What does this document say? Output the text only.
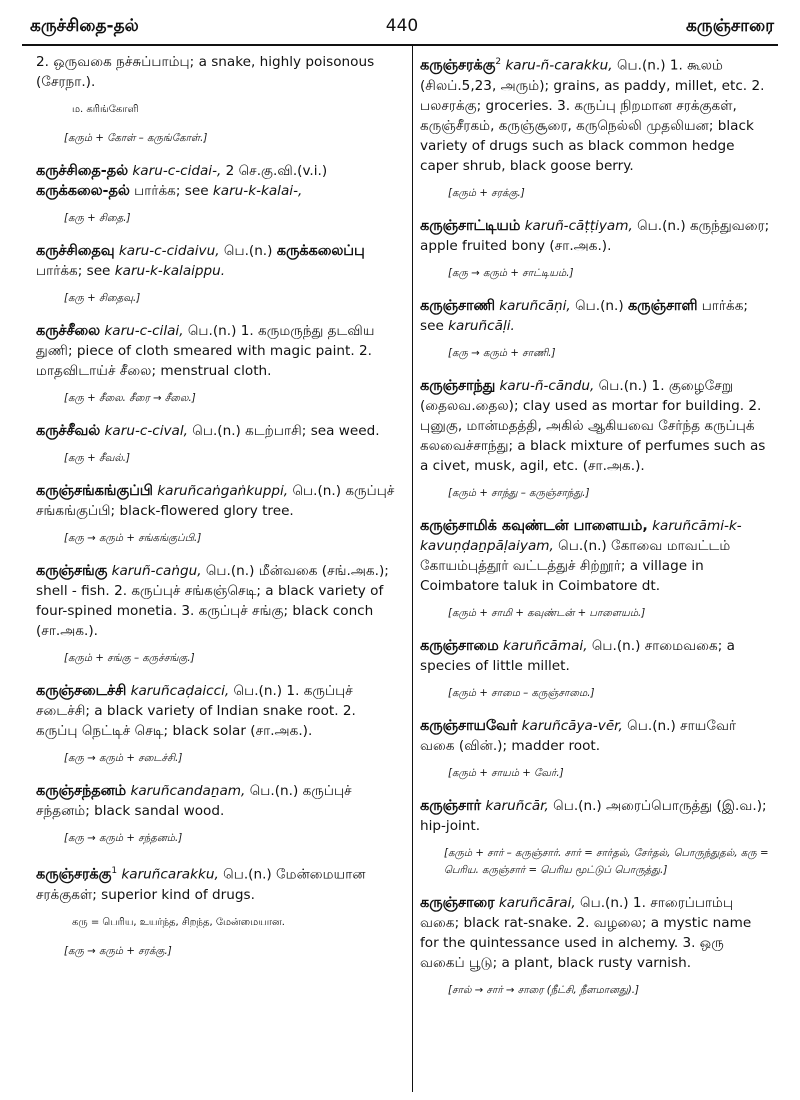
கருச்சிதை-தல்	440	கருஞ்சாரை
2. ஒருவகை நச்சுப்பாம்பு; a snake, highly poisonous (சேரநா.).
ம. கரிங்கோளி
[கரும் + கோள் – கருங்கோள்.]
கருச்சிதை-தல் karu-c-cidai-, 2 செ.கு.வி.(v.i.) கருக்கலை-தல் பார்க்க; see karu-k-kalai-,
[கரு + சிதை.]
கருச்சிதைவு karu-c-cidaivu, பெ.(n.) கருக்கலைப்பு பார்க்க; see karu-k-kalaippu.
[கரு + சிதைவு.]
கருச்சீலை karu-c-cilai, பெ.(n.) 1. கருமருந்து தடவிய துணி; piece of cloth smeared with magic paint. 2. மாதவிடாய்ச் சீலை; menstrual cloth.
[கரு + சீலை. சீரை → சீலை.]
கருச்சீவல் karu-c-cival, பெ.(n.) கடற்பாசி; sea weed.
[கரு + சீவல்.]
கருஞ்சங்கங்குப்பி karuñcaṅgaṅkuppi, பெ.(n.) கருப்புச் சங்கங்குப்பி; black-flowered glory tree.
[கரு → கரும் + சங்கங்குப்பி.]
கருஞ்சங்கு karuñ-caṅgu, பெ.(n.) மீன்வகை (சங்.அக.); shell - fish. 2. கருப்புச் சங்கஞ்செடி; a black variety of four-spined monetia. 3. கருப்புச் சங்கு; black conch (சா.அக.).
[கரும் + சங்கு – கருச்சங்கு.]
கருஞ்சடைச்சி karuñcaḍaicci, பெ.(n.) 1. கருப்புச் சடைச்சி; a black variety of Indian snake root. 2. கருப்பு நெட்டிச் செடி; black solar (சா.அக.).
[கரு → கரும் + சடைச்சி.]
கருஞ்சந்தனம் karuñcandaṉam, பெ.(n.) கருப்புச் சந்தனம்; black sandal wood.
[கரு → கரும் + சந்தனம்.]
கருஞ்சரக்கு$^1$ karuñcarakku, பெ.(n.) மேன்மையான சரக்குகள்; superior kind of drugs.
கரு = பெரிய, உயர்ந்த, சிறந்த, மேன்மையான.
[கரு → கரும் + சரக்கு.]
கருஞ்சரக்கு$^2$ karu-ñ-carakku, பெ.(n.) 1. கூலம் (சிலப்.5,23, அரும்); grains, as paddy, millet, etc. 2. பலசரக்கு; groceries. 3. கருப்பு நிறமான சரக்குகள், கருஞ்சீரகம், கருஞ்சூரை, கருநெல்லி முதலியன; black variety of drugs such as black common hedge caper shrub, black goose berry.
[கரும் + சரக்கு.]
கருஞ்சாட்டியம் karuñ-cāṭṭiyam, பெ.(n.) கருந்துவரை; apple fruited bony (சா.அக.).
[கரு → கரும் + சாட்டியம்.]
கருஞ்சாணி karuñcāṇi, பெ.(n.) கருஞ்சாளி பார்க்க; see karuñcāḷi.
[கரு → கரும் + சாணி.]
கருஞ்சாந்து karu-ñ-cāndu, பெ.(n.) 1. குழைசேறு (தைலவ.தைல); clay used as mortar for building. 2. புனுகு, மான்மதத்தி, அகில் ஆகியவை சேர்ந்த கருப்புக் கலவைச்சாந்து; a black mixture of perfumes such as a civet, musk, agil, etc. (சா.அக.).
[கரும் + சாந்து – கருஞ்சாந்து.]
கருஞ்சாமிக் கவுண்டன் பாளையம், karuñcāmi-k-kavuṇḍaṉpāḷaiyam, பெ.(n.) கோவை மாவட்டம் கோயம்புத்தூர் வட்டத்துச் சிற்றூர்; a village in Coimbatore taluk in Coimbatore dt.
[கரும் + சாமி + கவுண்டன் + பாளையம்.]
கருஞ்சாமை karuñcāmai, பெ.(n.) சாமைவகை; a species of little millet.
[கரும் + சாமை – கருஞ்சாமை.]
கருஞ்சாயவேர் karuñcāya-vēr, பெ.(n.) சாயவேர் வகை (வின்.); madder root.
[கரும் + சாயம் + வேர்.]
கருஞ்சார் karuñcār, பெ.(n.) அரைப்பொருத்து (இ.வ.); hip-joint.
[கரும் + சார் – கருஞ்சார். சார் = சார்தல், சேர்தல், பொருந்துதல், கரு = பெரிய. கருஞ்சார் = பெரிய மூட்டுப் பொருத்து.]
கருஞ்சாரை karuñcārai, பெ.(n.) 1. சாரைப்பாம்பு வகை; black rat-snake. 2. வழலை; a mystic name for the quintessance used in alchemy. 3. ஒரு வகைப் பூடு; a plant, black rusty varnish.
[சால் → சார் → சாரை (நீட்சி, நீளமானது).]
